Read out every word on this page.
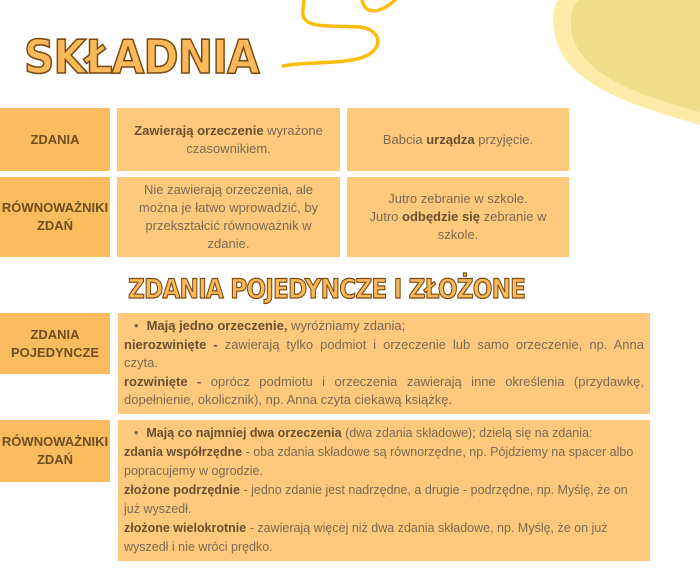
SKŁADNIA
ZDANIA
Zawierają orzeczenie wyrażone czasownikiem.
Babcia urządza przyjęcie.
RÓWNOWAŻNIKI ZDAŃ
Nie zawierają orzeczenia, ale można je łatwo wprowadzić, by przekształcić równoważnik w zdanie.
Jutro zebranie w szkole.
Jutro odbędzie się zebranie w szkole.
ZDANIA POJEDYNCZE I ZŁOŻONE
ZDANIA POJEDYNCZE
• Mają jedno orzeczenie, wyróżniamy zdania;
nierozwinięte - zawierają tylko podmiot i orzeczenie lub samo orzeczenie, np. Anna czyta.
rozwinięte - oprócz podmiotu i orzeczenia zawierają inne określenia (przydawkę, dopełnienie, okolicznik), np. Anna czyta ciekawą książkę.
RÓWNOWAŻNIKI ZDAŃ
• Mają co najmniej dwa orzeczenia (dwa zdania składowe); dzielą się na zdania:
zdania współrzędne - oba zdania składowe są równorzędne, np. Pójdziemy na spacer albo popracujemy w ogrodzie.
złożone podrzędnie - jedno zdanie jest nadrzędne, a drugie - podrzędne, np. Myślę, że on już wyszedł.
złożone wielokrotnie - zawierają więcej niż dwa zdania składowe, np. Myślę, że on już wyszedł i nie wróci prędko.
